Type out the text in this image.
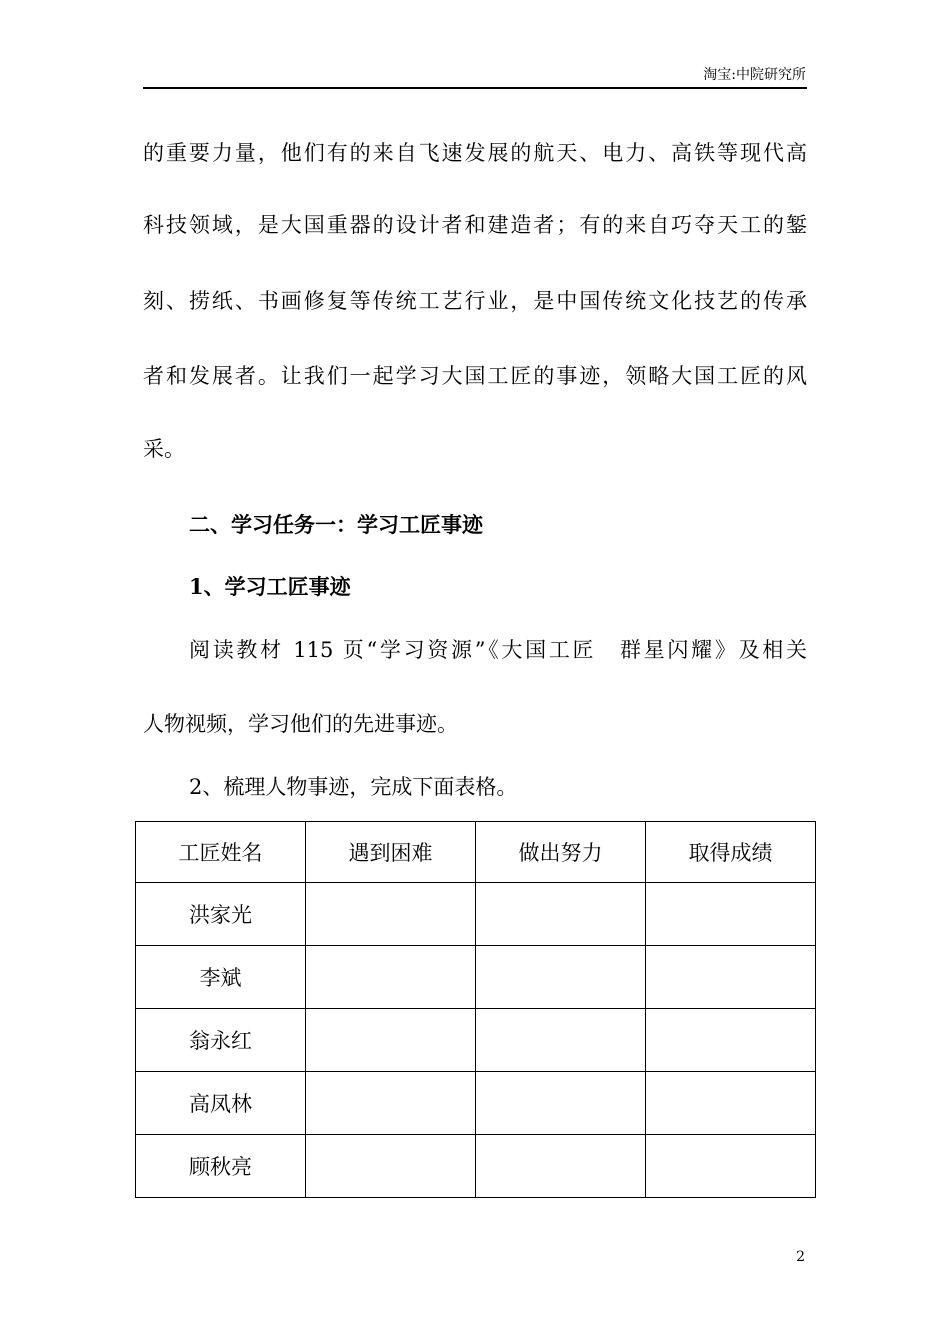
淘宝:中院研究所
的重要力量，他们有的来自飞速发展的航天、电力、高铁等现代高
科技领域，是大国重器的设计者和建造者；有的来自巧夺天工的錾
刻、捞纸、书画修复等传统工艺行业，是中国传统文化技艺的传承
者和发展者。让我们一起学习大国工匠的事迹，领略大国工匠的风
采。
二、学习任务一：学习工匠事迹
1、学习工匠事迹
阅读教材 115 页“学习资源”《大国工匠　群星闪耀》及相关
人物视频，学习他们的先进事迹。
2、梳理人物事迹，完成下面表格。
工匠姓名	遇到困难	做出努力	取得成绩
洪家光			
李斌			
翁永红			
高凤林			
顾秋亮			
2
